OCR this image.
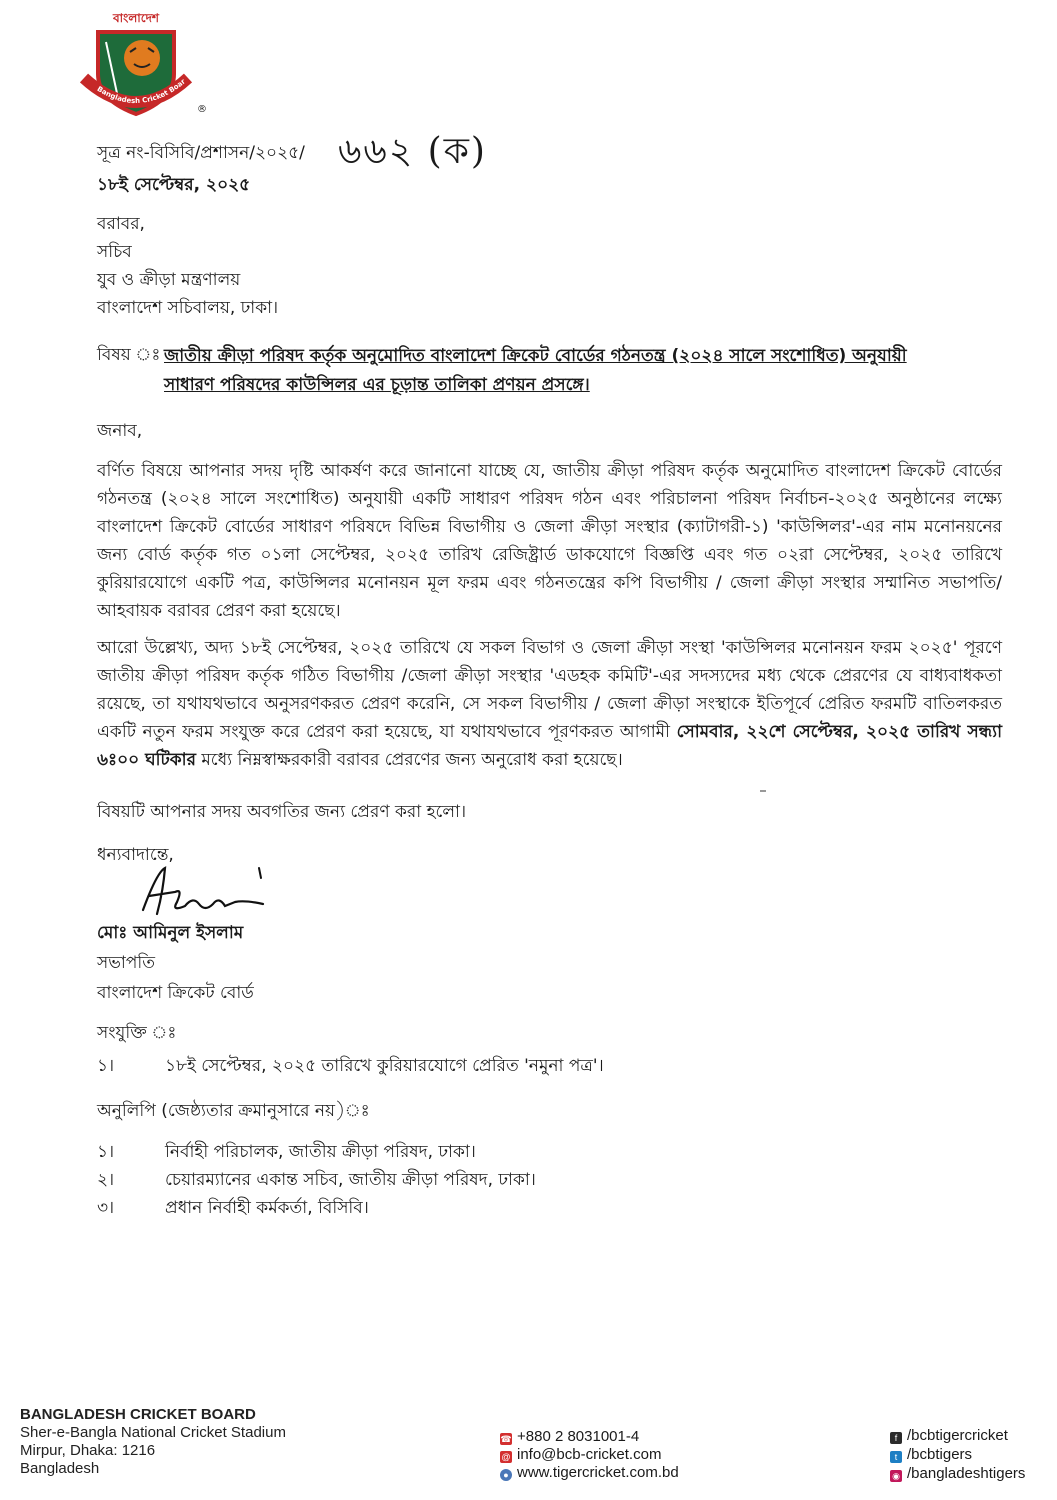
বাংলাদেশ
Bangladesh Cricket Boar
®
সূত্র নং-বিসিবি/প্রশাসন/২০২৫/ ৬৬২ (ক)
১৮ই সেপ্টেম্বর, ২০২৫
বরাবর,
সচিব
যুব ও ক্রীড়া মন্ত্রণালয়
বাংলাদেশ সচিবালয়, ঢাকা।
বিষয় ঃ জাতীয় ক্রীড়া পরিষদ কর্তৃক অনুমোদিত বাংলাদেশ ক্রিকেট বোর্ডের গঠনতন্ত্র (২০২৪ সালে সংশোধিত) অনুযায়ী
সাধারণ পরিষদের কাউন্সিলর এর চূড়ান্ত তালিকা প্রণয়ন প্রসঙ্গে।
জনাব,
বর্ণিত বিষয়ে আপনার সদয় দৃষ্টি আকর্ষণ করে জানানো যাচ্ছে যে, জাতীয় ক্রীড়া পরিষদ কর্তৃক অনুমোদিত বাংলাদেশ ক্রিকেট বোর্ডের গঠনতন্ত্র (২০২৪ সালে সংশোধিত) অনুযায়ী একটি সাধারণ পরিষদ গঠন এবং পরিচালনা পরিষদ নির্বাচন-২০২৫ অনুষ্ঠানের লক্ষ্যে বাংলাদেশ ক্রিকেট বোর্ডের সাধারণ পরিষদে বিভিন্ন বিভাগীয় ও জেলা ক্রীড়া সংস্থার (ক্যাটাগরী-১) 'কাউন্সিলর'-এর নাম মনোনয়নের জন্য বোর্ড কর্তৃক গত ০১লা সেপ্টেম্বর, ২০২৫ তারিখ রেজিষ্ট্রার্ড ডাকযোগে বিজ্ঞপ্তি এবং গত ০২রা সেপ্টেম্বর, ২০২৫ তারিখে কুরিয়ারযোগে একটি পত্র, কাউন্সিলর মনোনয়ন মূল ফরম এবং গঠনতন্ত্রের কপি বিভাগীয় / জেলা ক্রীড়া সংস্থার সম্মানিত সভাপতি/ আহবায়ক বরাবর প্রেরণ করা হয়েছে।
আরো উল্লেখ্য, অদ্য ১৮ই সেপ্টেম্বর, ২০২৫ তারিখে যে সকল বিভাগ ও জেলা ক্রীড়া সংস্থা 'কাউন্সিলর মনোনয়ন ফরম ২০২৫' পূরণে জাতীয় ক্রীড়া পরিষদ কর্তৃক গঠিত বিভাগীয় /জেলা ক্রীড়া সংস্থার 'এডহক কমিটি'-এর সদস্যদের মধ্য থেকে প্রেরণের যে বাধ্যবাধকতা রয়েছে, তা যথাযথভাবে অনুসরণকরত প্রেরণ করেনি, সে সকল বিভাগীয় / জেলা ক্রীড়া সংস্থাকে ইতিপূর্বে প্রেরিত ফরমটি বাতিলকরত একটি নতুন ফরম সংযুক্ত করে প্রেরণ করা হয়েছে, যা যথাযথভাবে পূরণকরত আগামী সোমবার, ২২শে সেপ্টেম্বর, ২০২৫ তারিখ সন্ধ্যা ৬ঃ০০ ঘটিকার মধ্যে নিম্নস্বাক্ষরকারী বরাবর প্রেরণের জন্য অনুরোধ করা হয়েছে।
বিষয়টি আপনার সদয় অবগতির জন্য প্রেরণ করা হলো।
ধন্যবাদান্তে,
মোঃ আমিনুল ইসলাম
সভাপতি
বাংলাদেশ ক্রিকেট বোর্ড
সংযুক্তি ঃ
১।	১৮ই সেপ্টেম্বর, ২০২৫ তারিখে কুরিয়ারযোগে প্রেরিত 'নমুনা পত্র'।
অনুলিপি (জেষ্ঠ্যতার ক্রমানুসারে নয়)ঃ
১।	নির্বাহী পরিচালক, জাতীয় ক্রীড়া পরিষদ, ঢাকা।
২।	চেয়ারম্যানের একান্ত সচিব, জাতীয় ক্রীড়া পরিষদ, ঢাকা।
৩।	প্রধান নির্বাহী কর্মকর্তা, বিসিবি।
BANGLADESH CRICKET BOARD
Sher-e-Bangla National Cricket Stadium
Mirpur, Dhaka: 1216
Bangladesh
☎ +880 2 8031001-4
@ info@bcb-cricket.com
● www.tigercricket.com.bd
f /bcbtigercricket
t /bcbtigers
◉ /bangladeshtigers
